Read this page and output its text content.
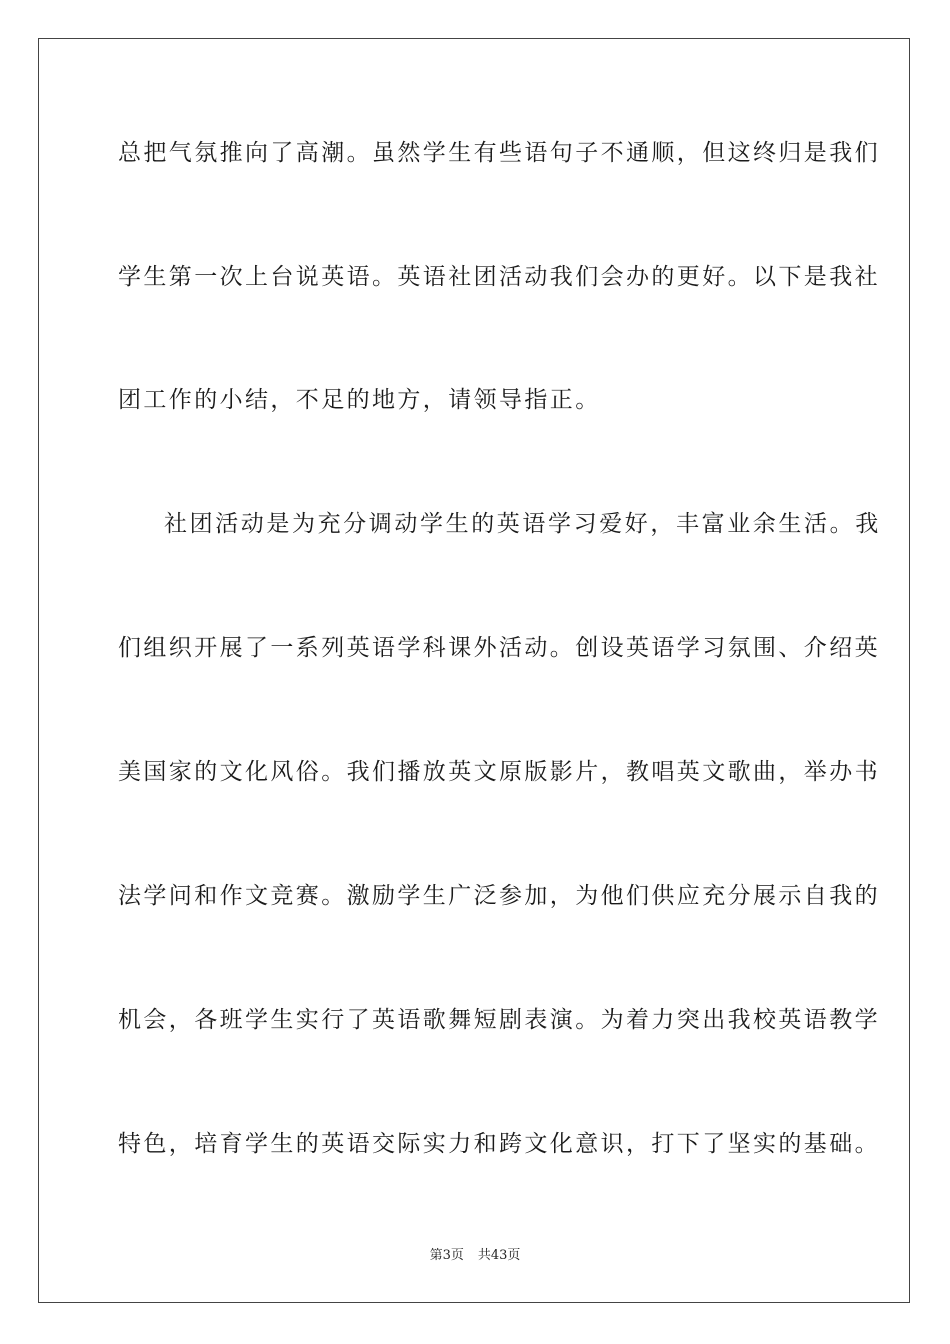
总把气氛推向了高潮。虽然学生有些语句子不通顺，但这终归是我们
学生第一次上台说英语。英语社团活动我们会办的更好。以下是我社
团工作的小结，不足的地方，请领导指正。
社团活动是为充分调动学生的英语学习爱好，丰富业余生活。我
们组织开展了一系列英语学科课外活动。创设英语学习氛围、介绍英
美国家的文化风俗。我们播放英文原版影片，教唱英文歌曲，举办书
法学问和作文竞赛。激励学生广泛参加，为他们供应充分展示自我的
机会，各班学生实行了英语歌舞短剧表演。为着力突出我校英语教学
特色，培育学生的英语交际实力和跨文化意识，打下了坚实的基础。
第3页 共43页
